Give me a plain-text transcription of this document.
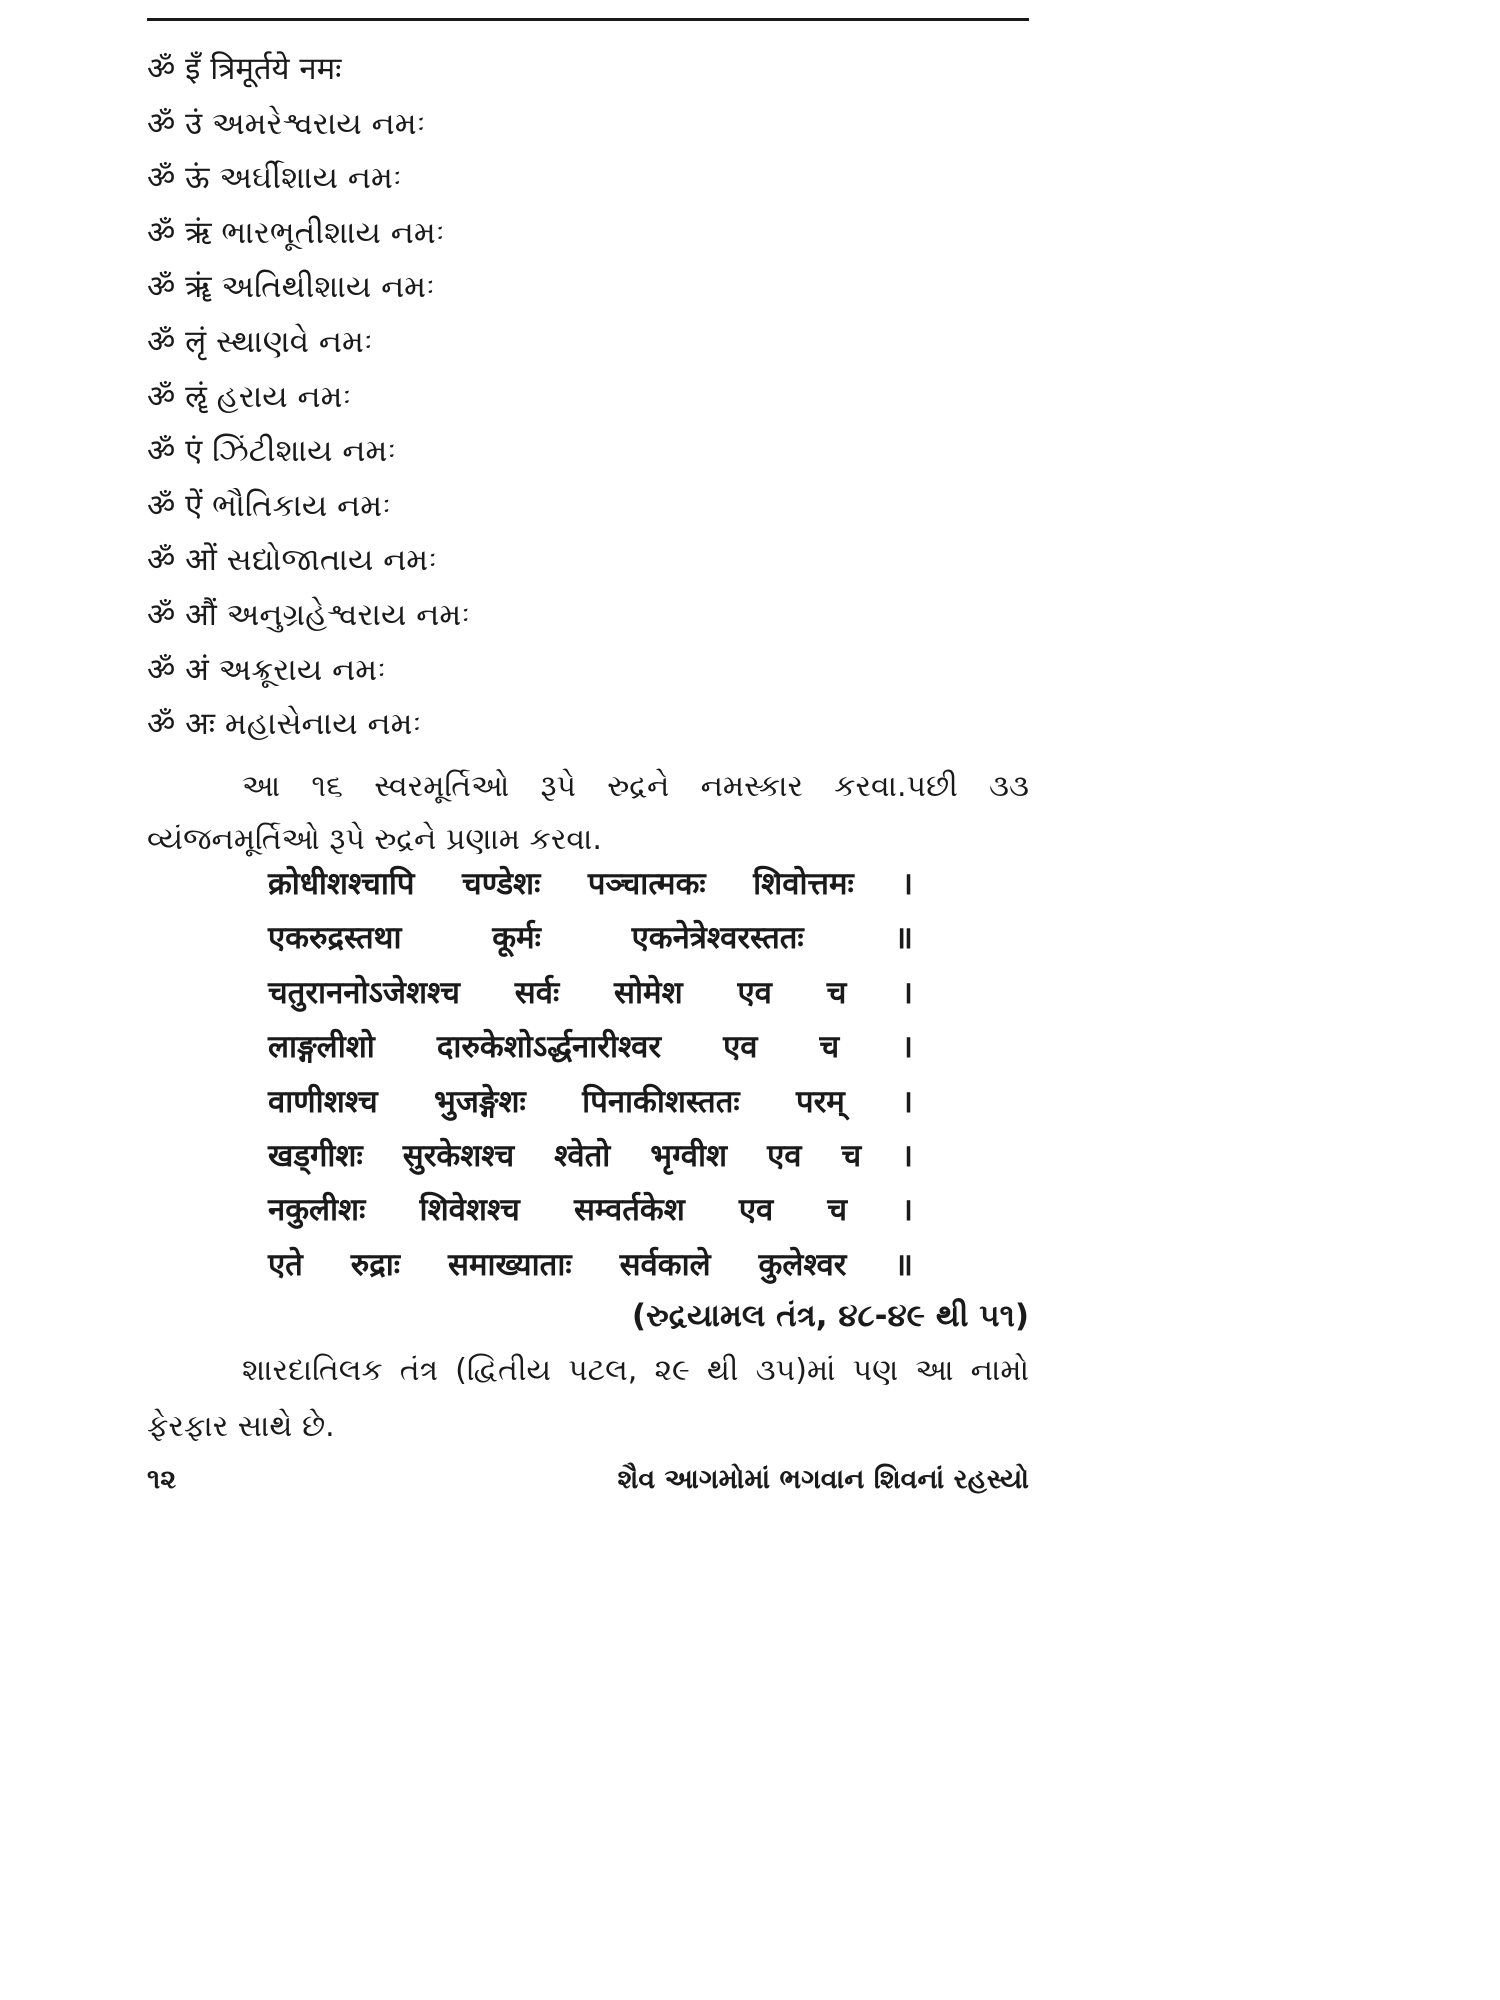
ॐ इँ त्रिमूर्तये नमः
ॐ उं અમરેશ્વરાય નમઃ
ॐ ऊं અર્ઘીશાય નમઃ
ॐ ऋं ભારભૂતીશાય નમઃ
ॐ ॠं અતિથીશાય નમઃ
ॐ लृं સ્થાણવે નમઃ
ॐ ॡं હરાય નમઃ
ॐ एं ઝિંટીશાય નમઃ
ॐ ऐं ભૌતિકાય નમઃ
ॐ ओं સદ્યોજાતાય નમઃ
ॐ औं અનુગ્રહેશ્વરાય નમઃ
ॐ अं અક્રૂરાય નમઃ
ॐ अः મહાસેનાય નમઃ

આ ૧૬ સ્વરમૂર્તિઓ રૂપે રુદ્રને નમસ્કાર કરવા.પછી ૩૩ વ્યંજનમૂર્તિઓ રૂપે રુદ્રને પ્રણામ કરવા.

क्रोधीशश्चापि चण्डेशः पञ्चात्मकः शिवोत्तमः ।
एकरुद्रस्तथा कूर्मः एकनेत्रेश्वरस्ततः ॥
चतुराननोऽजेशश्च सर्वः सोमेश एव च ।
लाङ्गलीशो दारुकेशोऽर्द्धनारीश्वर एव च ।
वाणीशश्च भुजङ्गेशः पिनाकीशस्ततः परम् ।
खड्गीशः सुरकेशश्च श्वेतो भृग्वीश एव च ।
नकुलीशः शिवेशश्च सम्वर्तकेश एव च ।
एते रुद्राः समाख्याताः सर्वकाले कुलेश्वर ॥
(રુદ્રયામલ તંત્ર, ૪૮-૪૯ થી ૫૧)

શારદાતિલક તંત્ર (દ્વિતીય પટલ, ૨૯ થી ૩૫)માં પણ આ નામો ફેરફાર સાથે છે.

૧૨	શૈવ આગમોમાં ભગવાન શિવનાં રહસ્યો
